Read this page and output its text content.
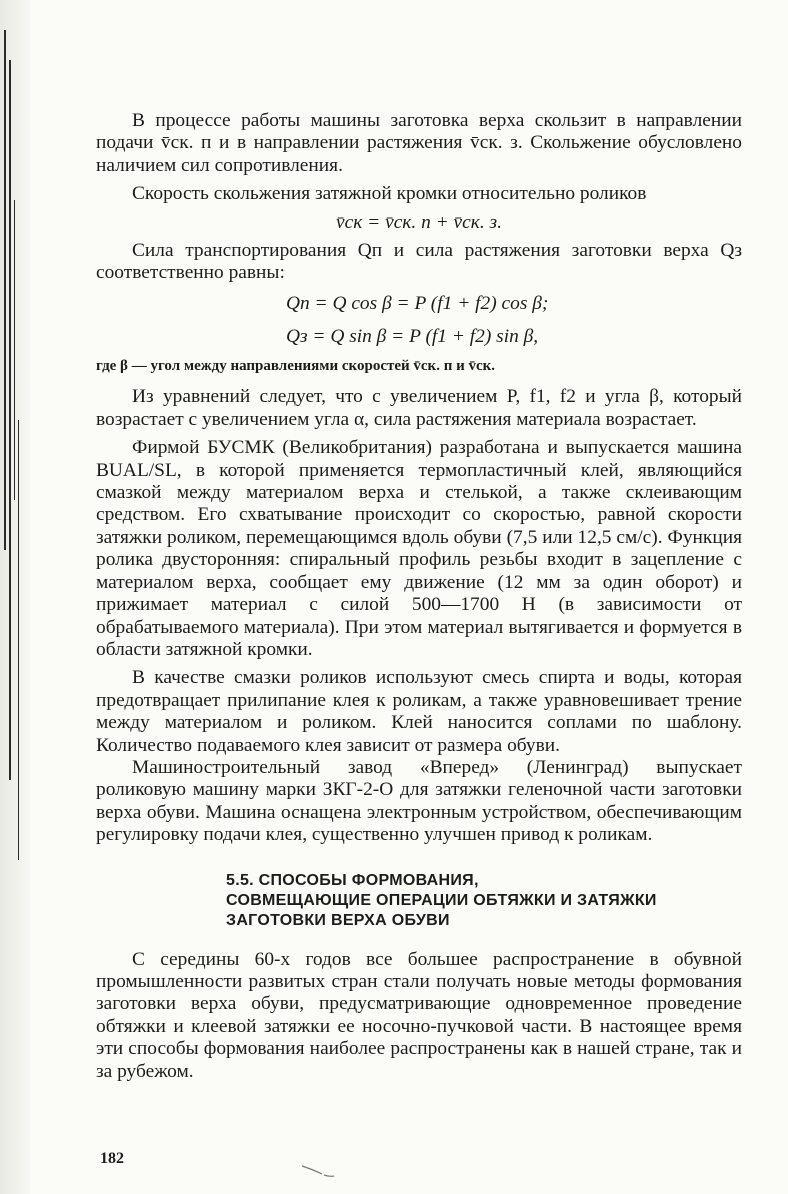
В процессе работы машины заготовка верха скользит в направлении подачи v̄ск. п и в направлении растяжения v̄ск. з. Скольжение обусловлено наличием сил сопротивления.

Скорость скольжения затяжной кромки относительно роликов

v̄ск = v̄ск. п + v̄ск. з.

Сила транспортирования Qп и сила растяжения заготовки верха Qз соответственно равны:

Qп = Q cos β = P (f1 + f2) cos β;
Qз = Q sin β = P (f1 + f2) sin β,
где β — угол между направлениями скоростей v̄ск. п и v̄ск.

Из уравнений следует, что с увеличением P, f1, f2 и угла β, который возрастает с увеличением угла α, сила растяжения материала возрастает.

Фирмой БУСМК (Великобритания) разработана и выпускается машина BUAL/SL, в которой применяется термопластичный клей, являющийся смазкой между материалом верха и стелькой, а также склеивающим средством. Его схватывание происходит со скоростью, равной скорости затяжки роликом, перемещающимся вдоль обуви (7,5 или 12,5 см/с). Функция ролика двусторонняя: спиральный профиль резьбы входит в зацепление с материалом верха, сообщает ему движение (12 мм за один оборот) и прижимает материал с силой 500—1700 Н (в зависимости от обрабатываемого материала). При этом материал вытягивается и формуется в области затяжной кромки.

В качестве смазки роликов используют смесь спирта и воды, которая предотвращает прилипание клея к роликам, а также уравновешивает трение между материалом и роликом. Клей наносится соплами по шаблону. Количество подаваемого клея зависит от размера обуви.

Машиностроительный завод «Вперед» (Ленинград) выпускает роликовую машину марки ЗКГ-2-О для затяжки геленочной части заготовки верха обуви. Машина оснащена электронным устройством, обеспечивающим регулировку подачи клея, существенно улучшен привод к роликам.

5.5. СПОСОБЫ ФОРМОВАНИЯ,
СОВМЕЩАЮЩИЕ ОПЕРАЦИИ ОБТЯЖКИ И ЗАТЯЖКИ
ЗАГОТОВКИ ВЕРХА ОБУВИ

С середины 60-х годов все большее распространение в обувной промышленности развитых стран стали получать новые методы формования заготовки верха обуви, предусматривающие одновременное проведение обтяжки и клеевой затяжки ее носочно-пучковой части. В настоящее время эти способы формования наиболее распространены как в нашей стране, так и за рубежом.

182
